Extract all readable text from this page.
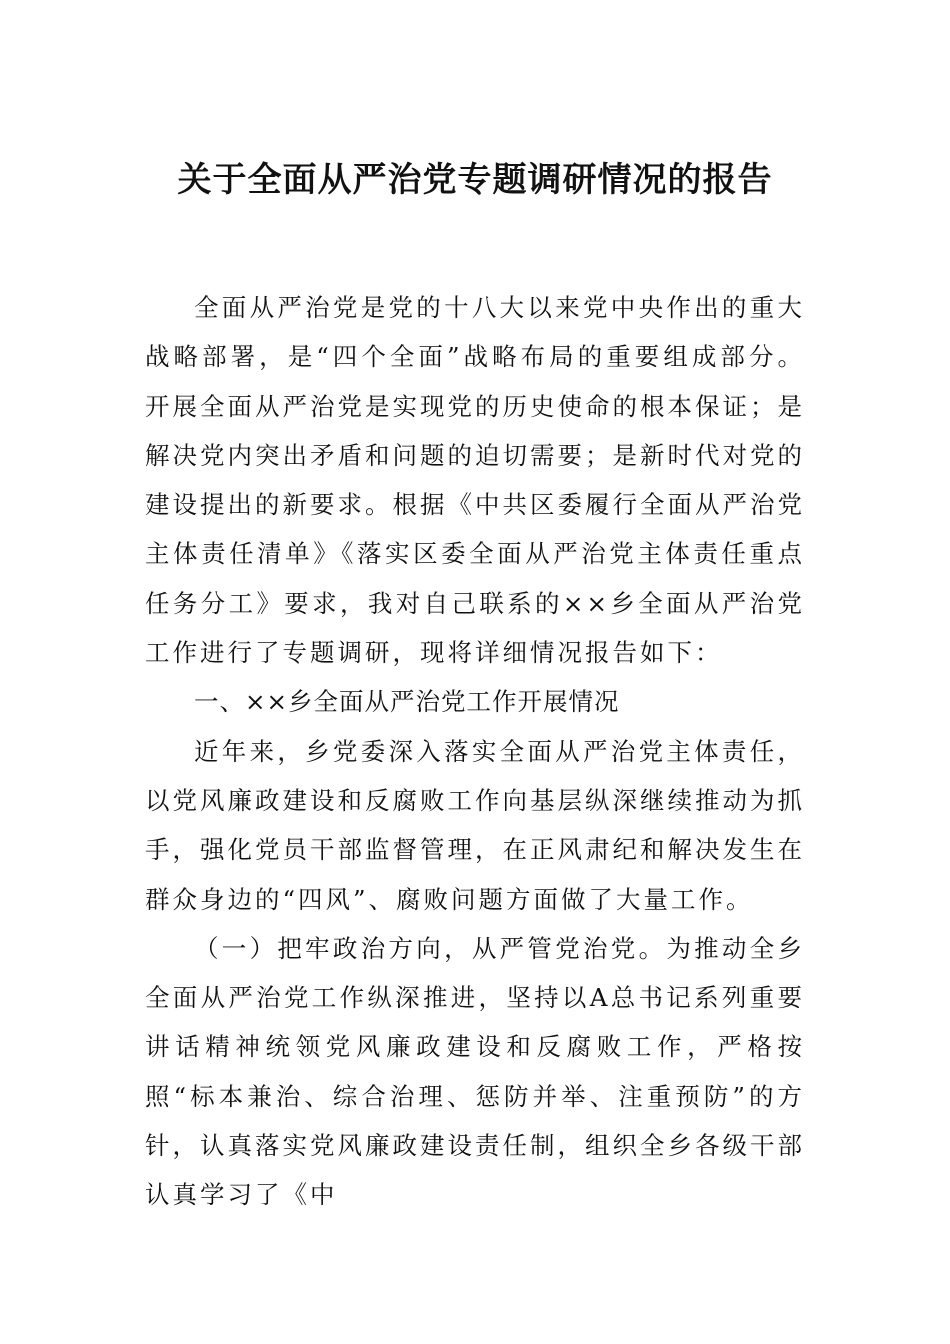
关于全面从严治党专题调研情况的报告

全面从严治党是党的十八大以来党中央作出的重大战略部署，是“四个全面”战略布局的重要组成部分。开展全面从严治党是实现党的历史使命的根本保证；是解决党内突出矛盾和问题的迫切需要；是新时代对党的建设提出的新要求。根据《中共区委履行全面从严治党主体责任清单》《落实区委全面从严治党主体责任重点任务分工》要求，我对自己联系的××乡全面从严治党工作进行了专题调研，现将详细情况报告如下：

一、××乡全面从严治党工作开展情况

近年来，乡党委深入落实全面从严治党主体责任，以党风廉政建设和反腐败工作向基层纵深继续推动为抓手，强化党员干部监督管理，在正风肃纪和解决发生在群众身边的“四风”、腐败问题方面做了大量工作。

（一）把牢政治方向，从严管党治党。为推动全乡全面从严治党工作纵深推进，坚持以A总书记系列重要讲话精神统领党风廉政建设和反腐败工作，严格按照“标本兼治、综合治理、惩防并举、注重预防”的方针，认真落实党风廉政建设责任制，组织全乡各级干部认真学习了《中
